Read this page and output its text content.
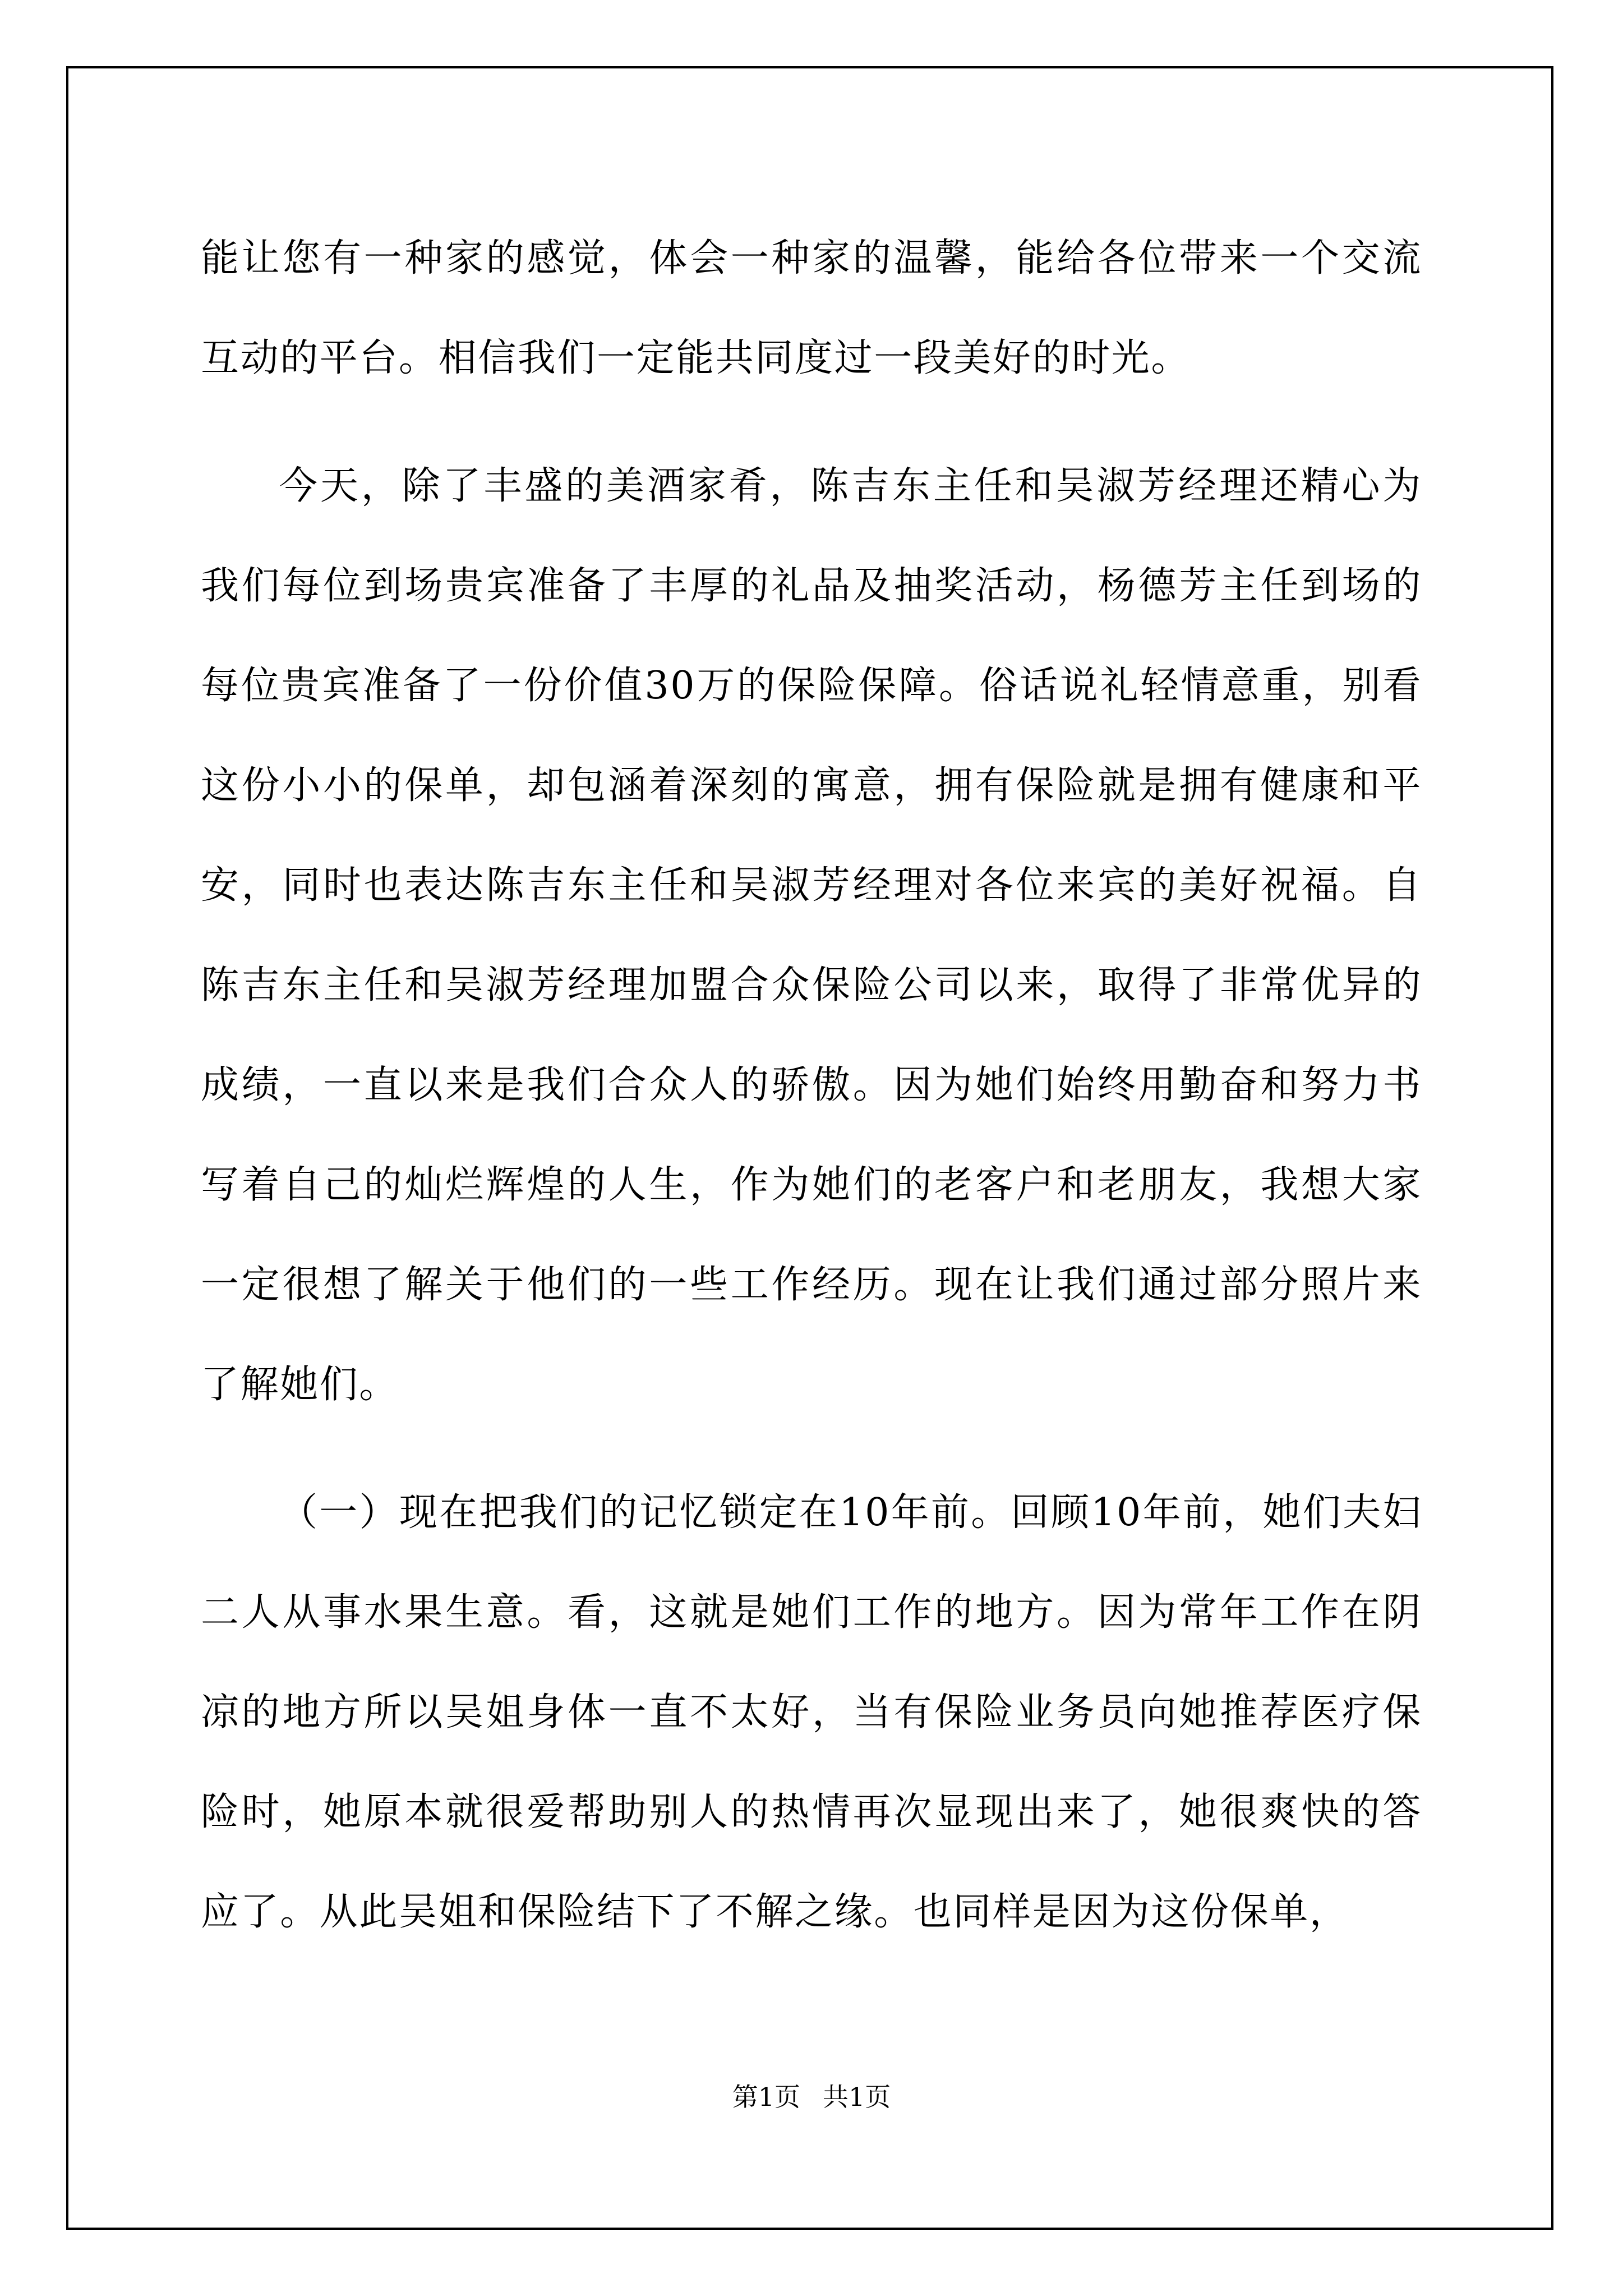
能让您有一种家的感觉，体会一种家的温馨，能给各位带来一个交流互动的平台。相信我们一定能共同度过一段美好的时光。

今天，除了丰盛的美酒家肴，陈吉东主任和吴淑芳经理还精心为我们每位到场贵宾准备了丰厚的礼品及抽奖活动，杨德芳主任到场的每位贵宾准备了一份价值30万的保险保障。俗话说礼轻情意重，别看这份小小的保单，却包涵着深刻的寓意，拥有保险就是拥有健康和平安，同时也表达陈吉东主任和吴淑芳经理对各位来宾的美好祝福。自陈吉东主任和吴淑芳经理加盟合众保险公司以来，取得了非常优异的成绩，一直以来是我们合众人的骄傲。因为她们始终用勤奋和努力书写着自己的灿烂辉煌的人生，作为她们的老客户和老朋友，我想大家一定很想了解关于他们的一些工作经历。现在让我们通过部分照片来了解她们。

（一）现在把我们的记忆锁定在10年前。回顾10年前，她们夫妇二人从事水果生意。看，这就是她们工作的地方。因为常年工作在阴凉的地方所以吴姐身体一直不太好，当有保险业务员向她推荐医疗保险时，她原本就很爱帮助别人的热情再次显现出来了，她很爽快的答应了。从此吴姐和保险结下了不解之缘。也同样是因为这份保单，

第1页 共1页
